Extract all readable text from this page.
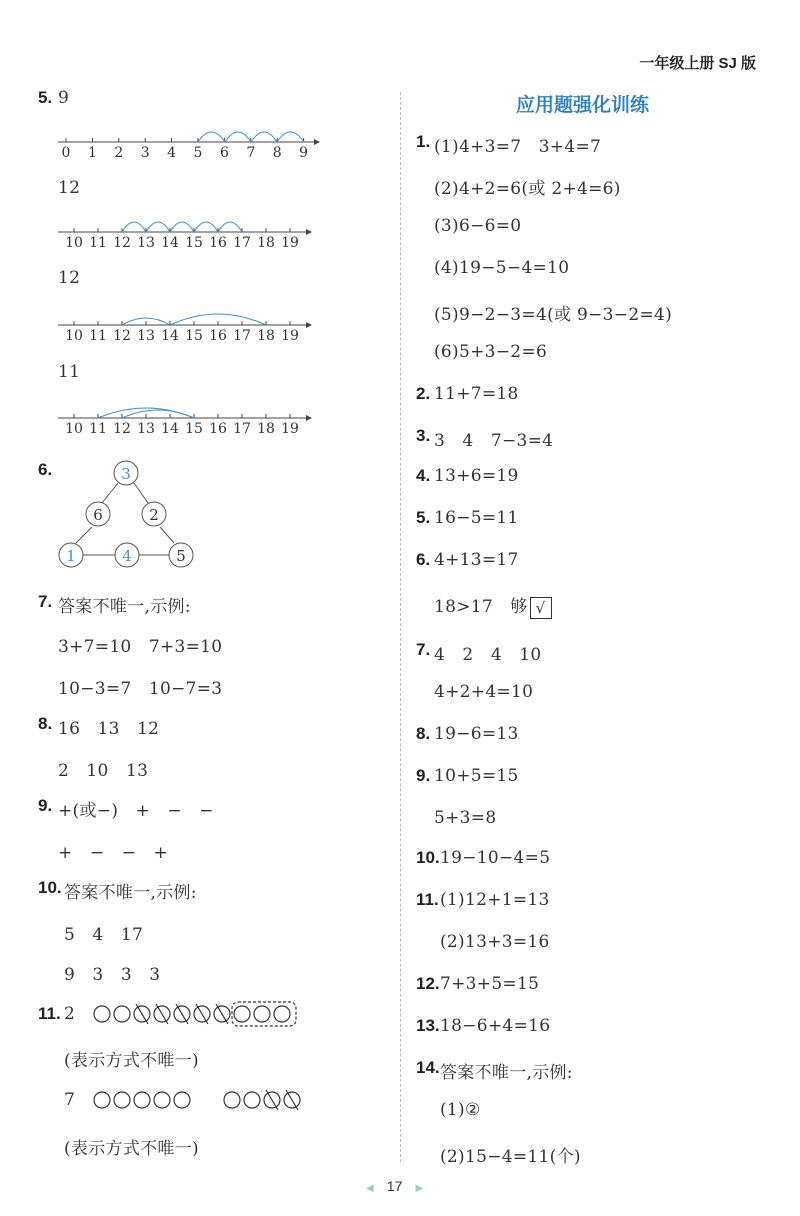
一年级上册 SJ 版
5. 9
0 1 2 3 4 5 6 7 8 9
12
10 11 12 13 14 15 16 17 18 19
12
10 11 12 13 14 15 16 17 18 19
11
10 11 12 13 14 15 16 17 18 19
6.	3
6	2
1	4	5
7. 答案不唯一,示例:
3+7=10　7+3=10
10−3=7　10−7=3
8. 16　13　12
2　10　13
9. +(或−)　+　−　−
+　−　−　+
10. 答案不唯一,示例:
5　4　17
9　3　3　3
11. 2
(表示方式不唯一)
7
(表示方式不唯一)
应用题强化训练
1. (1)4+3=7　3+4=7
(2)4+2=6(或 2+4=6)
(3)6−6=0
(4)19−5−4=10
(5)9−2−3=4(或 9−3−2=4)
(6)5+3−2=6
2. 11+7=18
3. 3　4　7−3=4
4. 13+6=19
5. 16−5=11
6. 4+13=17
18>17　够 √
7. 4　2　4　10
4+2+4=10
8. 19−6=13
9. 10+5=15
5+3=8
10. 19−10−4=5
11. (1)12+1=13
(2)13+3=16
12. 7+3+5=15
13. 18−6+4=16
14. 答案不唯一,示例:
(1)②
(2)15−4=11(个)
◀ 17 ▶
